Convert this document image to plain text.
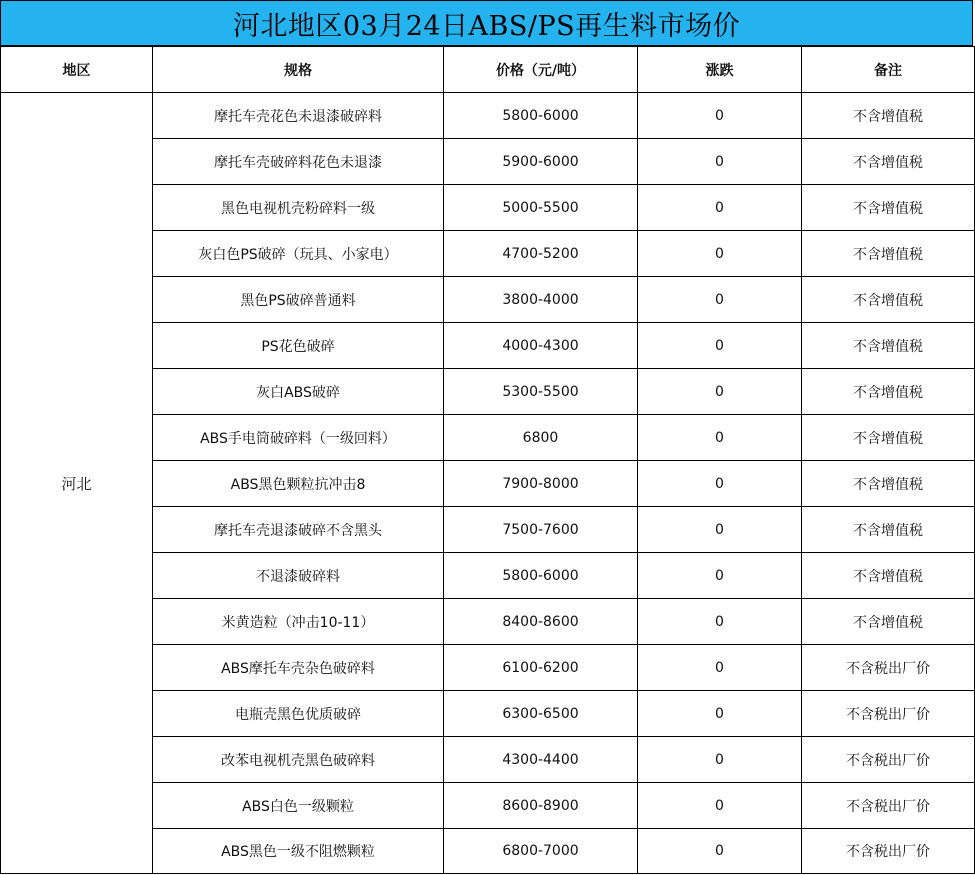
河北地区03月24日ABS/PS再生料市场价
地区	规格	价格（元/吨）	涨跌	备注
河北	摩托车壳花色未退漆破碎料	5800-6000	0	不含增值税
	摩托车壳破碎料花色未退漆	5900-6000	0	不含增值税
	黑色电视机壳粉碎料一级	5000-5500	0	不含增值税
	灰白色PS破碎（玩具、小家电）	4700-5200	0	不含增值税
	黑色PS破碎普通料	3800-4000	0	不含增值税
	PS花色破碎	4000-4300	0	不含增值税
	灰白ABS破碎	5300-5500	0	不含增值税
	ABS手电筒破碎料（一级回料）	6800	0	不含增值税
	ABS黑色颗粒抗冲击8	7900-8000	0	不含增值税
	摩托车壳退漆破碎不含黑头	7500-7600	0	不含增值税
	不退漆破碎料	5800-6000	0	不含增值税
	米黄造粒（冲击10-11）	8400-8600	0	不含增值税
	ABS摩托车壳杂色破碎料	6100-6200	0	不含税出厂价
	电瓶壳黑色优质破碎	6300-6500	0	不含税出厂价
	改苯电视机壳黑色破碎料	4300-4400	0	不含税出厂价
	ABS白色一级颗粒	8600-8900	0	不含税出厂价
	ABS黑色一级不阻燃颗粒	6800-7000	0	不含税出厂价
